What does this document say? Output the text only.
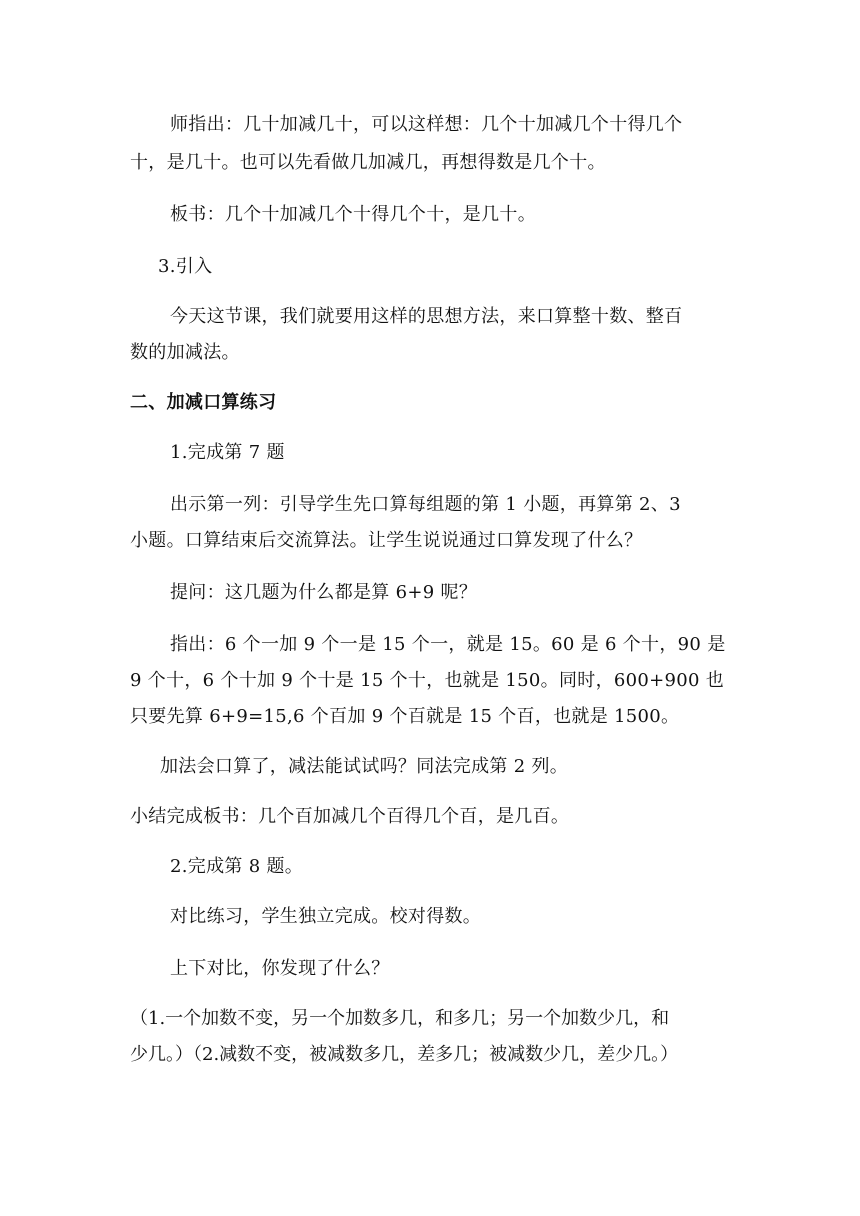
师指出：几十加减几十，可以这样想：几个十加减几个十得几个
十，是几十。也可以先看做几加减几，再想得数是几个十。
板书：几个十加减几个十得几个十，是几十。
3.引入
今天这节课，我们就要用这样的思想方法，来口算整十数、整百
数的加减法。
二、加减口算练习
1.完成第 7 题
出示第一列：引导学生先口算每组题的第 1 小题，再算第 2、3
小题。口算结束后交流算法。让学生说说通过口算发现了什么？
提问：这几题为什么都是算 6+9 呢？
指出：6 个一加 9 个一是 15 个一，就是 15。60 是 6 个十，90 是
9 个十，6 个十加 9 个十是 15 个十，也就是 150。同时，600+900 也
只要先算 6+9=15,6 个百加 9 个百就是 15 个百，也就是 1500。
加法会口算了，减法能试试吗？同法完成第 2 列。
小结完成板书：几个百加减几个百得几个百，是几百。
2.完成第 8 题。
对比练习，学生独立完成。校对得数。
上下对比，你发现了什么？
（1.一个加数不变，另一个加数多几，和多几；另一个加数少几，和
少几。）（2.减数不变，被减数多几，差多几；被减数少几，差少几。）
